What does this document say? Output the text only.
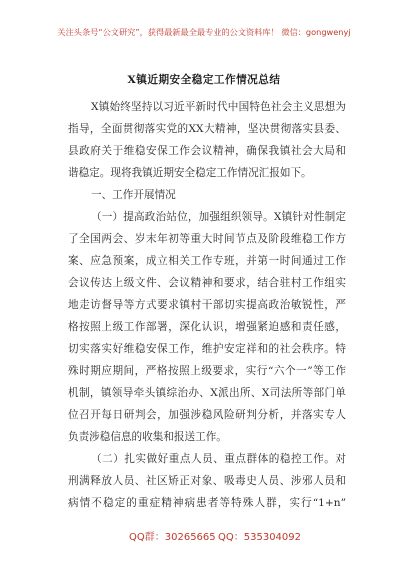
关注头条号“公文研究”，获得最新最全最专业的公文资料库！ 微信：gongwenyj
X镇近期安全稳定工作情况总结
X镇始终坚持以习近平新时代中国特色社会主义思想为
指导，全面贯彻落实党的XX大精神，坚决贯彻落实县委、
县政府关于维稳安保工作会议精神，确保我镇社会大局和
谐稳定。现将我镇近期安全稳定工作情况汇报如下。
一、工作开展情况
（一）提高政治站位，加强组织领导。X镇针对性制定
了全国两会、岁末年初等重大时间节点及阶段维稳工作方
案、应急预案，成立相关工作专班，并第一时间通过工作
会议传达上级文件、会议精神和要求，结合驻村工作组实
地走访督导等方式要求镇村干部切实提高政治敏锐性，严
格按照上级工作部署，深化认识，增强紧迫感和责任感，
切实落实好维稳安保工作，维护安定祥和的社会秩序。特
殊时期应期间，严格按照上级要求，实行“六个一”等工作
机制，镇领导牵头镇综治办、X派出所、X司法所等部门单
位召开每日研判会，加强涉稳风险研判分析，并落实专人
负责涉稳信息的收集和报送工作。
（二）扎实做好重点人员、重点群体的稳控工作。对
刑满释放人员、社区矫正对象、吸毒史人员、涉邪人员和
病情不稳定的重症精神病患者等特殊人群，实行“1+n”
QQ群：30265665 QQ：535304092
